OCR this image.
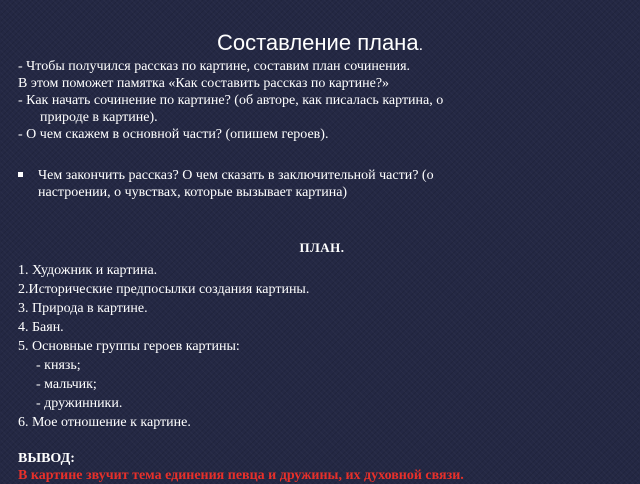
Составление плана.

- Чтобы получился рассказ по картине, составим план сочинения.

В этом поможет памятка «Как составить рассказ по картине?»

- Как начать сочинение по картине? (об авторе, как писалась картина, о

природе в картине).

- О чем скажем в основной части? (опишем героев).

Чем закончить рассказ? О чем сказать в заключительной части? (о

настроении, о чувствах, которые вызывает картина)

ПЛАН.

1. Художник и картина.

2.Исторические предпосылки создания картины.

3. Природа в картине.

4. Баян.

5. Основные группы героев картины:

- князь;

- мальчик;

- дружинники.

6. Мое отношение к картине.

ВЫВОД:

В картине звучит тема единения певца и дружины, их духовной связи.
